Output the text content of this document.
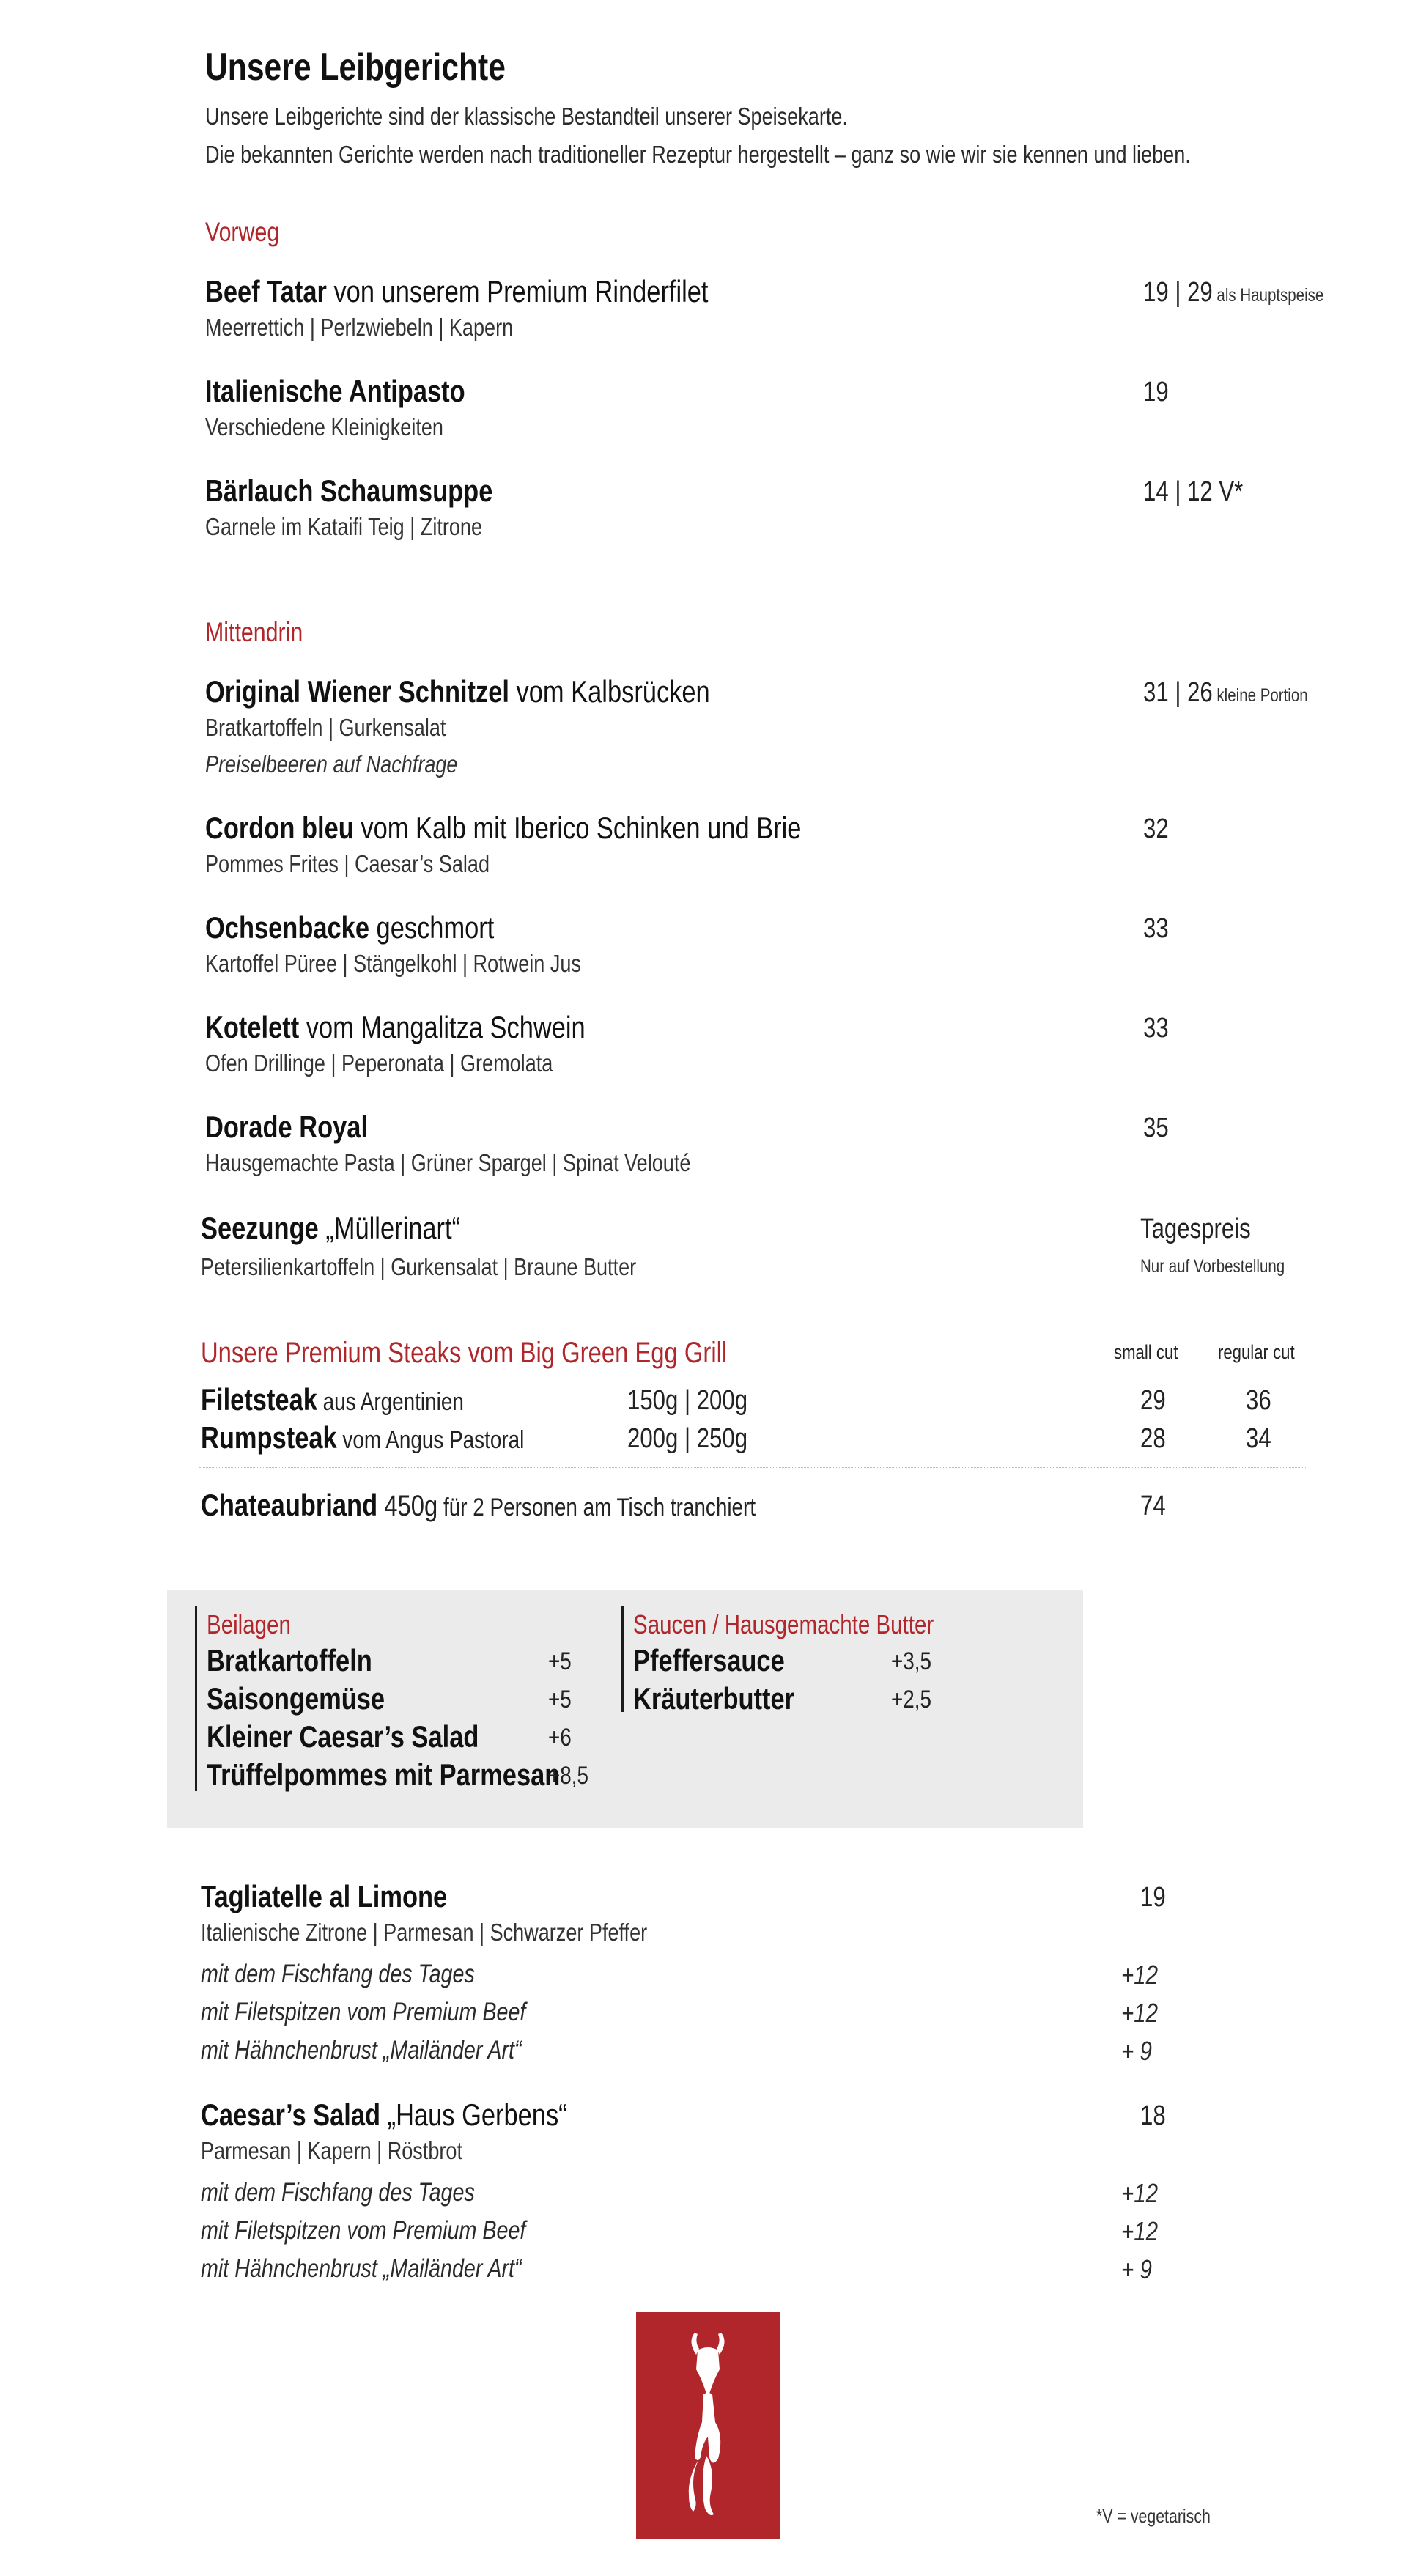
Unsere Leibgerichte
Unsere Leibgerichte sind der klassische Bestandteil unserer Speisekarte.
Die bekannten Gerichte werden nach traditioneller Rezeptur hergestellt – ganz so wie wir sie kennen und lieben.
Vorweg
Beef Tatar von unserem Premium Rinderfilet
Meerrettich | Perlzwiebeln | Kapern
19 | 29 als Hauptspeise
Italienische Antipasto
Verschiedene Kleinigkeiten
19
Bärlauch Schaumsuppe
Garnele im Kataifi Teig | Zitrone
14 | 12 V*
Mittendrin
Original Wiener Schnitzel vom Kalbsrücken
Bratkartoffeln | Gurkensalat
Preiselbeeren auf Nachfrage
31 | 26 kleine Portion
Cordon bleu vom Kalb mit Iberico Schinken und Brie
Pommes Frites | Caesar’s Salad
32
Ochsenbacke geschmort
Kartoffel Püree | Stängelkohl | Rotwein Jus
33
Kotelett vom Mangalitza Schwein
Ofen Drillinge | Peperonata | Gremolata
33
Dorade Royal
Hausgemachte Pasta | Grüner Spargel | Spinat Velouté
35
Seezunge „Müllerinart“
Petersilienkartoffeln | Gurkensalat | Braune Butter
Tagespreis
Nur auf Vorbestellung
Unsere Premium Steaks vom Big Green Egg Grill	small cut	regular cut
Filetsteak aus Argentinien	150g | 200g	29	36
Rumpsteak vom Angus Pastoral	200g | 250g	28	34
Chateaubriand 450g für 2 Personen am Tisch tranchiert	74
Beilagen
Bratkartoffeln	+5
Saisongemüse	+5
Kleiner Caesar’s Salad	+6
Trüffelpommes mit Parmesan
+8,5
Saucen / Hausgemachte Butter
Pfeffersauce	+3,5
Kräuterbutter	+2,5
Tagliatelle al Limone
Italienische Zitrone | Parmesan | Schwarzer Pfeffer
19
mit dem Fischfang des Tages	+12
mit Filetspitzen vom Premium Beef	+12
mit Hähnchenbrust „Mailänder Art“	+ 9
Caesar’s Salad „Haus Gerbens“
Parmesan | Kapern | Röstbrot
18
mit dem Fischfang des Tages	+12
mit Filetspitzen vom Premium Beef	+12
mit Hähnchenbrust „Mailänder Art“	+ 9
*V = vegetarisch
